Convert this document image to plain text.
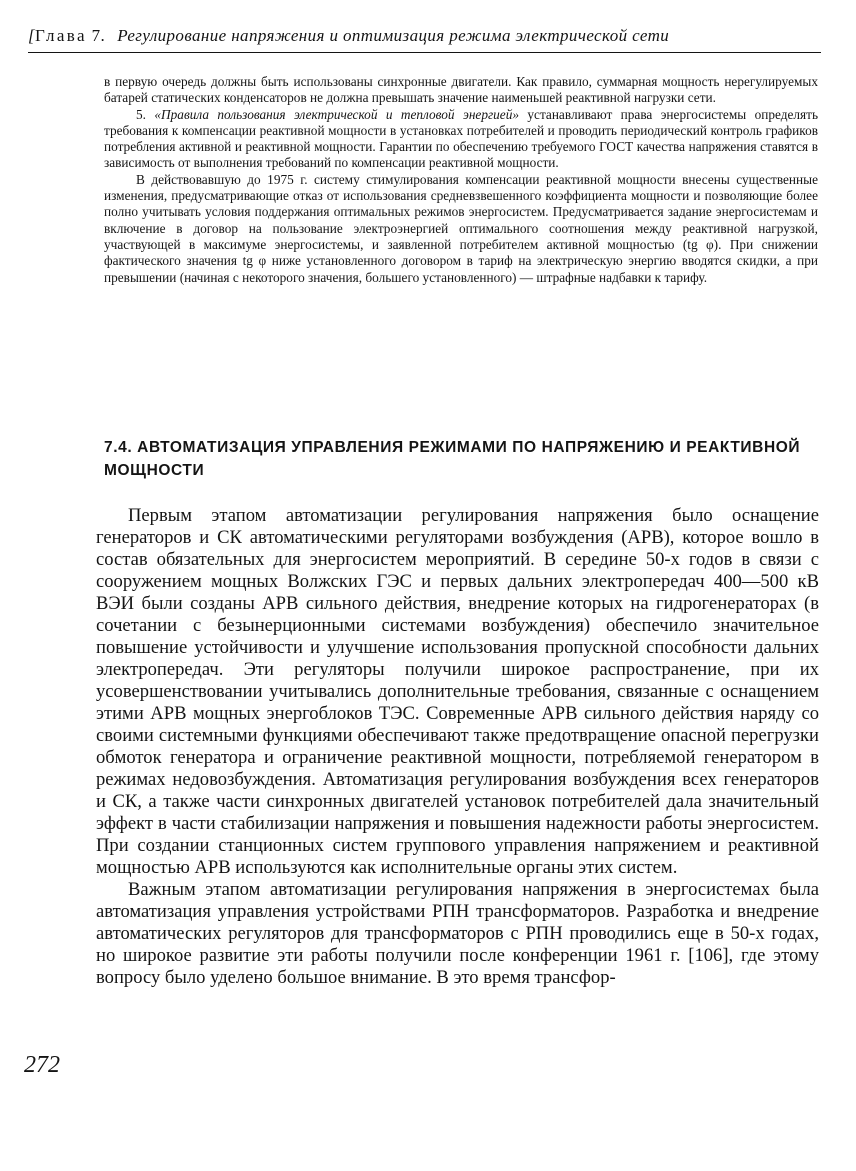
[Глава 7. Регулирование напряжения и оптимизация режима электрической сети

в первую очередь должны быть использованы синхронные двигатели. Как правило, суммарная мощность нерегулируемых батарей статических конденсаторов не должна превышать значение наименьшей реактивной нагрузки сети.

5. «Правила пользования электрической и тепловой энергией» устанавливают права энергосистемы определять требования к компенсации реактивной мощности в установках потребителей и проводить периодический контроль графиков потребления активной и реактивной мощности. Гарантии по обеспечению требуемого ГОСТ качества напряжения ставятся в зависимость от выполнения требований по компенсации реактивной мощности.

В действовавшую до 1975 г. систему стимулирования компенсации реактивной мощности внесены существенные изменения, предусматривающие отказ от использования средневзвешенного коэффициента мощности и позволяющие более полно учитывать условия поддержания оптимальных режимов энергосистем. Предусматривается задание энергосистемам и включение в договор на пользование электроэнергией оптимального соотношения между реактивной нагрузкой, участвующей в максимуме энергосистемы, и заявленной потребителем активной мощностью (tg φ). При снижении фактического значения tg φ ниже установленного договором в тариф на электрическую энергию вводятся скидки, а при превышении (начиная с некоторого значения, большего установленного) — штрафные надбавки к тарифу.

7.4. АВТОМАТИЗАЦИЯ УПРАВЛЕНИЯ РЕЖИМАМИ ПО НАПРЯЖЕНИЮ И РЕАКТИВНОЙ МОЩНОСТИ

Первым этапом автоматизации регулирования напряжения было оснащение генераторов и СК автоматическими регуляторами возбуждения (АРВ), которое вошло в состав обязательных для энергосистем мероприятий. В середине 50-х годов в связи с сооружением мощных Волжских ГЭС и первых дальних электропередач 400—500 кВ ВЭИ были созданы АРВ сильного действия, внедрение которых на гидрогенераторах (в сочетании с безынерционными системами возбуждения) обеспечило значительное повышение устойчивости и улучшение использования пропускной способности дальних электропередач. Эти регуляторы получили широкое распространение, при их усовершенствовании учитывались дополнительные требования, связанные с оснащением этими АРВ мощных энергоблоков ТЭС. Современные АРВ сильного действия наряду со своими системными функциями обеспечивают также предотвращение опасной перегрузки обмоток генератора и ограничение реактивной мощности, потребляемой генератором в режимах недовозбуждения. Автоматизация регулирования возбуждения всех генераторов и СК, а также части синхронных двигателей установок потребителей дала значительный эффект в части стабилизации напряжения и повышения надежности работы энергосистем. При создании станционных систем группового управления напряжением и реактивной мощностью АРВ используются как исполнительные органы этих систем.

Важным этапом автоматизации регулирования напряжения в энергосистемах была автоматизация управления устройствами РПН трансформаторов. Разработка и внедрение автоматических регуляторов для трансформаторов с РПН проводились еще в 50-х годах, но широкое развитие эти работы получили после конференции 1961 г. [106], где этому вопросу было уделено большое внимание. В это время трансфор-

272
